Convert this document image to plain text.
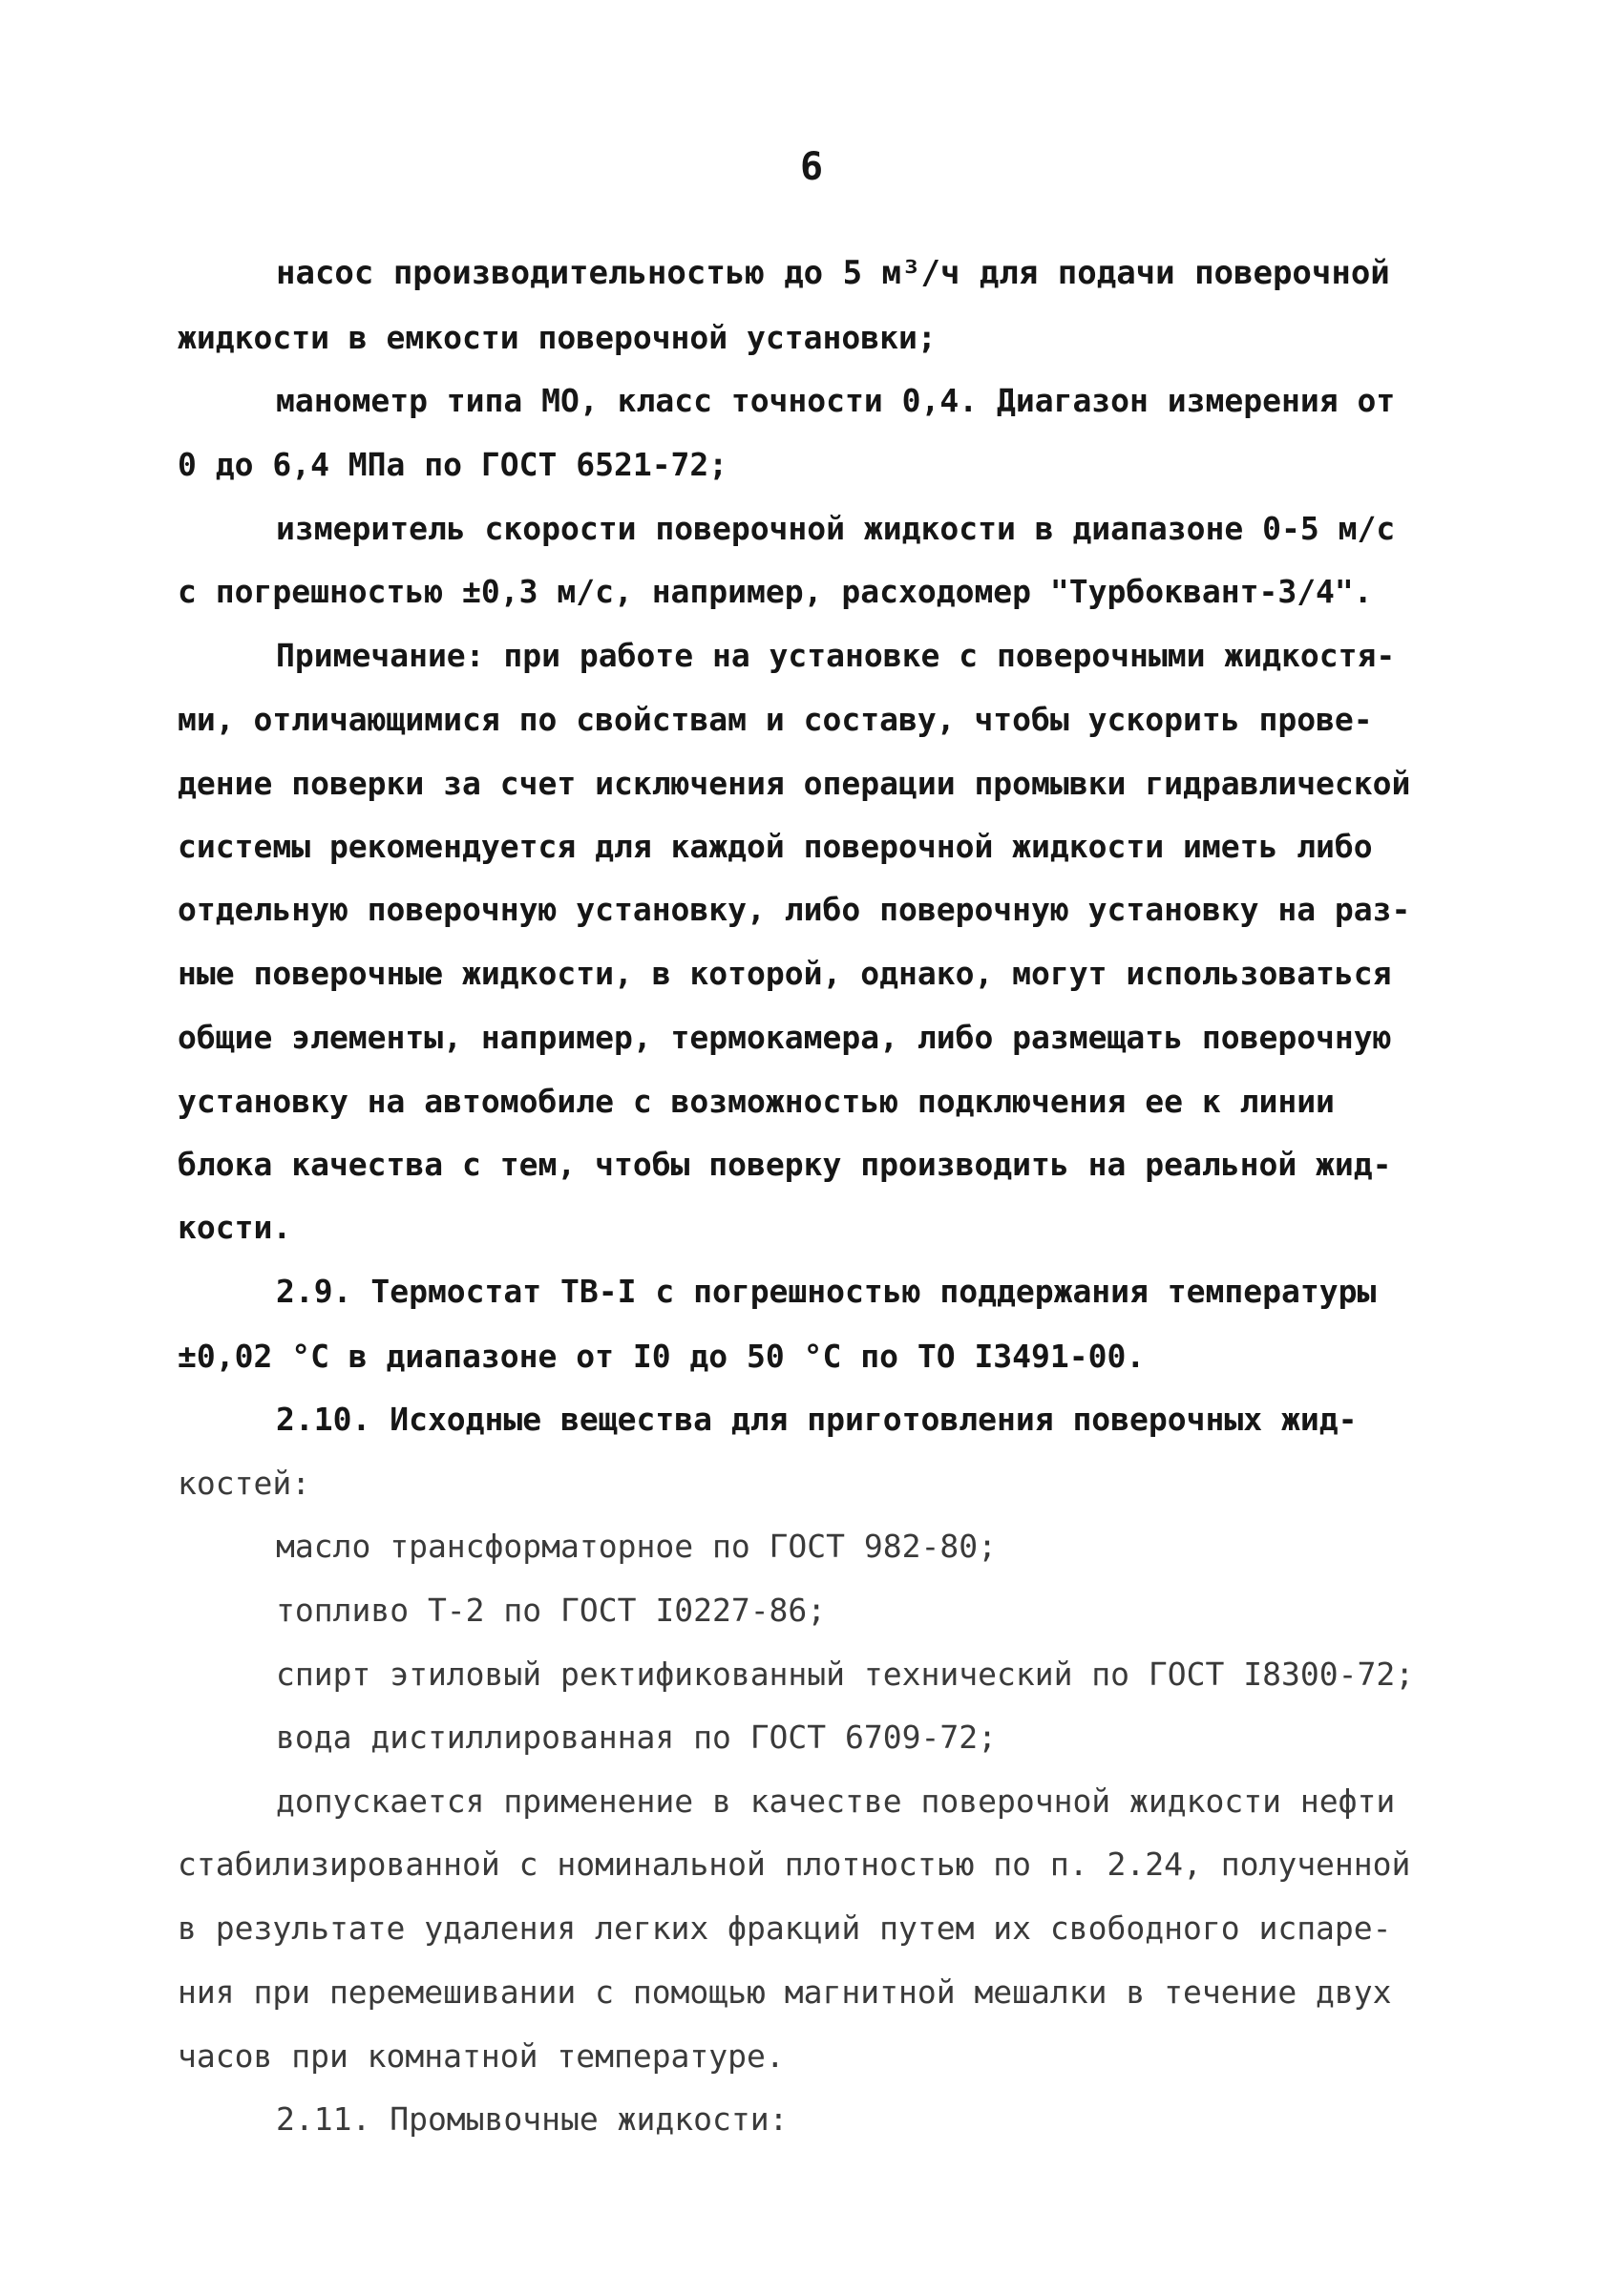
6
насос производительностью до 5 м³/ч для подачи поверочной
жидкости в емкости поверочной установки;
манометр типа МО, класс точности 0,4. Диагазон измерения от
0 до 6,4 МПа по ГОСТ 6521-72;
измеритель скорости поверочной жидкости в диапазоне 0-5 м/с
с погрешностью ±0,3 м/с, например, расходомер "Турбоквант-3/4".
Примечание: при работе на установке с поверочными жидкостя-
ми, отличающимися по свойствам и составу, чтобы ускорить прове-
дение поверки за счет исключения операции промывки гидравлической
системы рекомендуется для каждой поверочной жидкости иметь либо
отдельную поверочную установку, либо поверочную установку на раз-
ные поверочные жидкости, в которой, однако, могут использоваться
общие элементы, например, термокамера, либо размещать поверочную
установку на автомобиле с возможностью подключения ее к линии
блока качества с тем, чтобы поверку производить на реальной жид-
кости.
2.9. Термостат ТВ-I с погрешностью поддержания температуры
±0,02 °С в диапазоне от I0 до 50 °С по ТО I3491-00.
2.10. Исходные вещества для приготовления поверочных жид-
костей:
масло трансформаторное по ГОСТ 982-80;
топливо Т-2 по ГОСТ I0227-86;
спирт этиловый ректификованный технический по ГОСТ I8300-72;
вода дистиллированная по ГОСТ 6709-72;
допускается применение в качестве поверочной жидкости нефти
стабилизированной с номинальной плотностью по п. 2.24, полученной
в результате удаления легких фракций путем их свободного испаре-
ния при перемешивании с помощью магнитной мешалки в течение двух
часов при комнатной температуре.
2.11. Промывочные жидкости:
